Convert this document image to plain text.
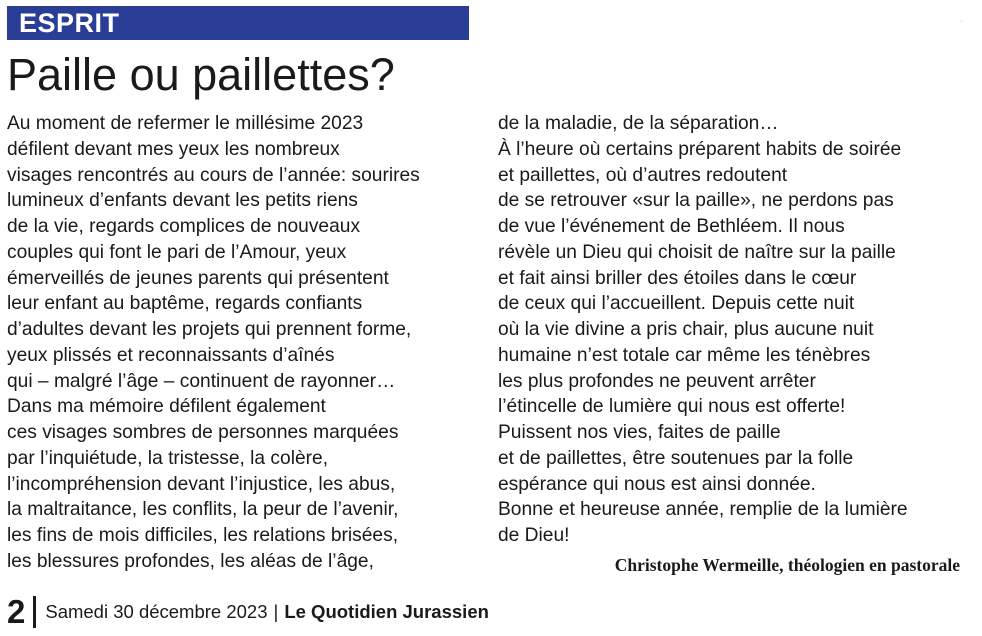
ESPRIT	´
Paille ou paillettes?
Au moment de refermer le millésime 2023
défilent devant mes yeux les nombreux
visages rencontrés au cours de l’année: sourires
lumineux d’enfants devant les petits riens
de la vie, regards complices de nouveaux
couples qui font le pari de l’Amour, yeux
émerveillés de jeunes parents qui présentent
leur enfant au baptême, regards confiants
d’adultes devant les projets qui prennent forme,
yeux plissés et reconnaissants d’aînés
qui – malgré l’âge – continuent de rayonner…
Dans ma mémoire défilent également
ces visages sombres de personnes marquées
par l’inquiétude, la tristesse, la colère,
l’incompréhension devant l’injustice, les abus,
la maltraitance, les conflits, la peur de l’avenir,
les fins de mois difficiles, les relations brisées,
les blessures profondes, les aléas de l’âge,
de la maladie, de la séparation…
À l’heure où certains préparent habits de soirée
et paillettes, où d’autres redoutent
de se retrouver «sur la paille», ne perdons pas
de vue l’événement de Bethléem. Il nous
révèle un Dieu qui choisit de naître sur la paille
et fait ainsi briller des étoiles dans le cœur
de ceux qui l’accueillent. Depuis cette nuit
où la vie divine a pris chair, plus aucune nuit
humaine n’est totale car même les ténèbres
les plus profondes ne peuvent arrêter
l’étincelle de lumière qui nous est offerte!
Puissent nos vies, faites de paille
et de paillettes, être soutenues par la folle
espérance qui nous est ainsi donnée.
Bonne et heureuse année, remplie de la lumière
de Dieu!
Christophe Wermeille, théologien en pastorale
2 Samedi 30 décembre 2023 | Le Quotidien Jurassien
